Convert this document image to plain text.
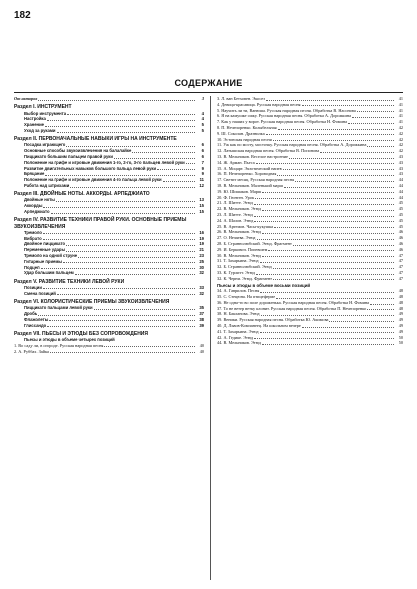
182
СОДЕРЖАНИЕ
От авторов	3
Раздел I. ИНСТРУМЕНТ
Выбор инструмента	4
Настройка	4
Хранение	5
Уход за руками	5
Раздел II. ПЕРВОНАЧАЛЬНЫЕ НАВЫКИ ИГРЫ НА ИНСТРУМЕНТЕ
Посадка играющего	6
Основные способы звукоизвлечения на балалайке	6
Пиццикато большим пальцем правой руки	6
Положение на грифе и игровые движения 1-го, 2-го, 3-го пальцев левой руки	7
Развитие двигательных навыков большого пальца левой руки	9
Бряцание	9
Положение на грифе и игровые движения 4-го пальца левой руки	11
Работа над штрихами	12
Раздел III. ДВОЙНЫЕ НОТЫ. АККОРДЫ. АРПЕДЖИАТО
Двойные ноты	13
Аккорды	15
Арпеджиато	15
Раздел IV. РАЗВИТИЕ ТЕХНИКИ ПРАВОЙ РУКИ. ОСНОВНЫЕ ПРИЕМЫ ЗВУКОИЗВЛЕЧЕНИЯ
Тремоло	16
Вибрато	19
Двойное пиццикато	19
Переменные удары	21
Тремоло на одной струне	23
Гитарные приемы	25
Подцеп	30
Удар большим пальцем	32
Раздел V. РАЗВИТИЕ ТЕХНИКИ ЛЕВОЙ РУКИ
Позиции	33
Смена позиций	32
Раздел VI. КОЛОРИСТИЧЕСКИЕ ПРИЕМЫ ЗВУКОИЗВЛЕЧЕНИЯ
Пиццикато пальцами левой руки	35
Дробь	37
Флажолеты	38
Глиссандо	39
Раздел VII. ПЬЕСЫ И ЭТЮДЫ БЕЗ СОПРОВОЖДЕНИЯ
Пьесы и этюды в объеме четырех позиций
1. Во саду ли, в огороде. Русская народная песня	40
2. А. Руббах. Зайка	40
3. Л. ван Бетховен. Экосез	41
4. Девица-красавица. Русская народная песня	41
5. Научить ли ти, Ванюша. Русская народная песня. Обработка В. Насонова	41
6. Я на камушке сижу. Русская народная песня. Обработка А. Дорожкина	41
7. Как у наших у ворот. Русская народная песня. Обработка Н. Фомина	41
8. П. Нечепоренко. Колыбельная	42
9. Ш. Соколан. Дразнилка	42
10. Эстонская народная песня	42
11. Уж как по мосту, мосточку. Русская народная песня. Обработка А. Дорожкина	42
12. Латышская народная песня. Обработка В. Попонова	42
13. В. Мельников. Веселое настроение	43
14. Ж. Арман. Пьеса	43
15. А. Моцарт. Экзотический напев	43
16. П. Нечепоренко. Хороводная	43
17. Светит месяц. Русская народная песня	44
18. В. Мельников. Маленький марш	44
19. Ю. Шишаков. Марш	44
20. Ф. Гюнтен. Урок	44
21. Л. Шитте. Этюд	45
22. В. Мельников. Этюд	45
23. Л. Шитте. Этюд	45
24. А. Шалов. Этюд	45
25. В. Артемов. Часы-кукушка	45
26. В. Мельников. Этюд	46
27. О. Нечаева. Этюд	46
28. Б. Страннолюбский. Этюд. Фрагмент	46
29. И. Беркович. Попевшем	46
30. В. Мельников. Этюд	47
31. Т. Захарьина. Этюд	47
32. Б. Страннолюбский. Этюд	47
33. К. Гурлитт. Этюд	47
32. К. Черни. Этюд. Фрагмент	47
Пьесы и этюды в объеме восьми позиций
34. А. Гаврилов. Песня	48
35. С. Стецюна. На птицеферме	48
36. Не одна-то во поле дороженька. Русская народная песня. Обработка Н. Фомина	48
37. То не ветер ветку клонит. Русская народная песня. Обработка П. Нечепоренко	48
38. Н. Бакланова. Этюд	49
39. Веники. Русская народная песня. Обработка Ю. Акимова	49
40. Д. Львов-Компанеец. На школьном вечере	49
41. Т. Захарьина. Этюд	49
42. А. Гедике. Этюд	50
44. В. Мельников. Этюд	50
